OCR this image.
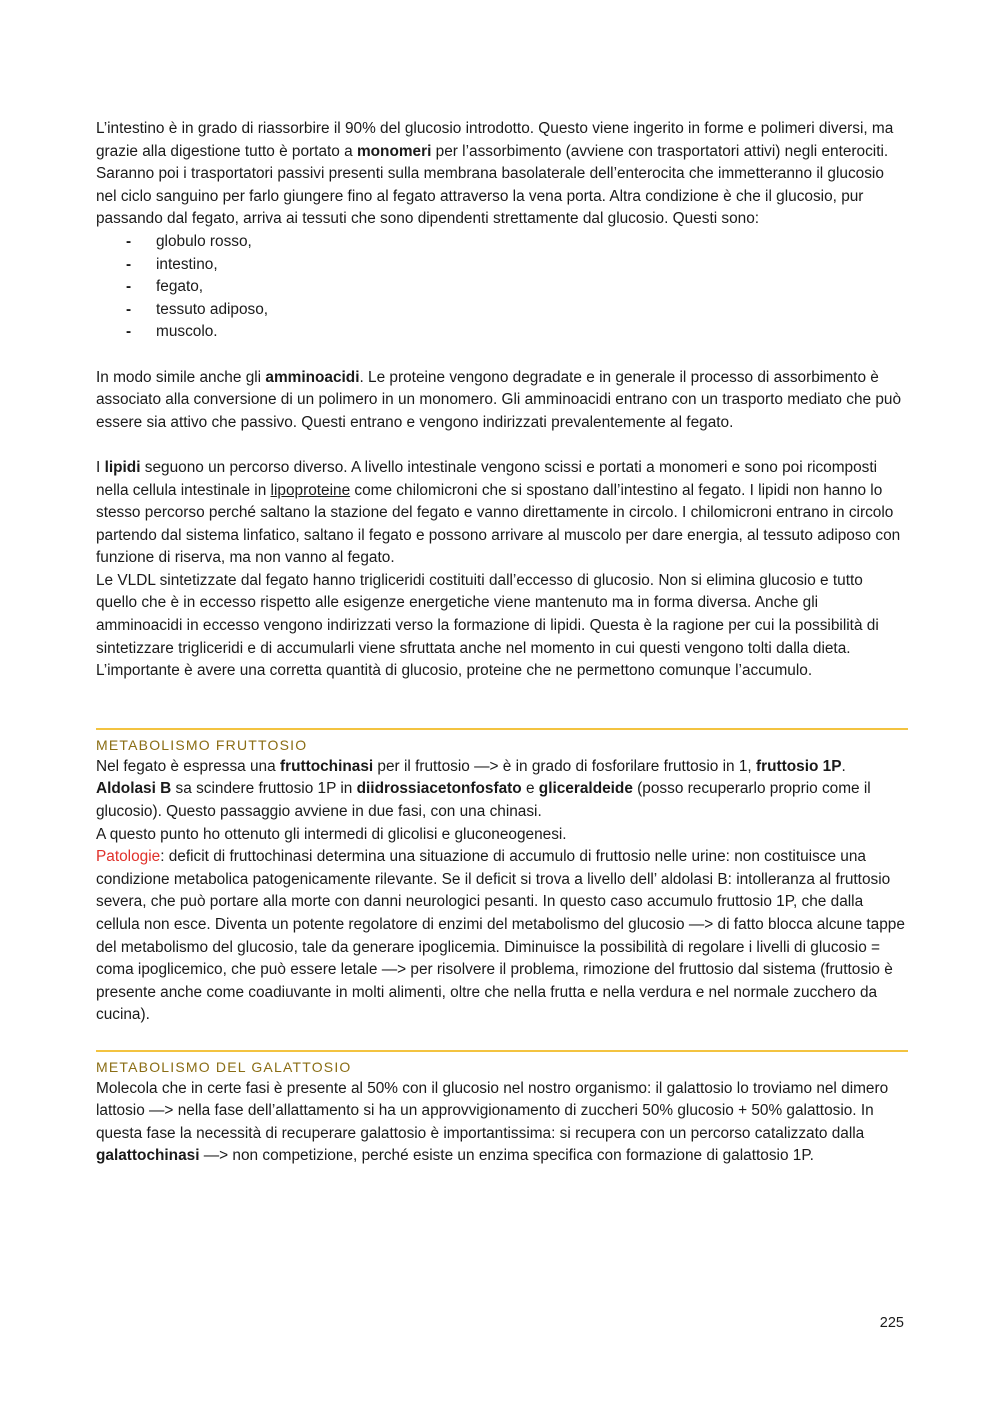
L’intestino è in grado di riassorbire il 90% del glucosio introdotto. Questo viene ingerito in forme e polimeri diversi, ma grazie alla digestione tutto è portato a monomeri per l’assorbimento (avviene con trasportatori attivi) negli enterociti. Saranno poi i trasportatori passivi presenti sulla membrana basolaterale dell’enterocita che immetteranno il glucosio nel ciclo sanguino per farlo giungere fino al fegato attraverso la vena porta. Altra condizione è che il glucosio, pur passando dal fegato, arriva ai tessuti che sono dipendenti strettamente dal glucosio. Questi sono:

- globulo rosso,
- intestino,
- fegato,
- tessuto adiposo,
- muscolo.

In modo simile anche gli amminoacidi. Le proteine vengono degradate e in generale il processo di assorbimento è associato alla conversione di un polimero in un monomero. Gli amminoacidi entrano con un trasporto mediato che può essere sia attivo che passivo. Questi entrano e vengono indirizzati prevalentemente al fegato.

I lipidi seguono un percorso diverso. A livello intestinale vengono scissi e portati a monomeri e sono poi ricomposti nella cellula intestinale in lipoproteine come chilomicroni che si spostano dall’intestino al fegato. I lipidi non hanno lo stesso percorso perché saltano la stazione del fegato e vanno direttamente in circolo. I chilomicroni entrano in circolo partendo dal sistema linfatico, saltano il fegato e possono arrivare al muscolo per dare energia, al tessuto adiposo con funzione di riserva, ma non vanno al fegato.

Le VLDL sintetizzate dal fegato hanno trigliceridi costituiti dall’eccesso di glucosio. Non si elimina glucosio e tutto quello che è in eccesso rispetto alle esigenze energetiche viene mantenuto ma in forma diversa. Anche gli amminoacidi in eccesso vengono indirizzati verso la formazione di lipidi. Questa è la ragione per cui la possibilità di sintetizzare trigliceridi e di accumularli viene sfruttata anche nel momento in cui questi vengono tolti dalla dieta. L’importante è avere una corretta quantità di glucosio, proteine che ne permettono comunque l’accumulo.

METABOLISMO FRUTTOSIO

Nel fegato è espressa una fruttochinasi per il fruttosio —> è in grado di fosforilare fruttosio in 1, fruttosio 1P.

Aldolasi B sa scindere fruttosio 1P in diidrossiacetonfosfato e gliceraldeide (posso recuperarlo proprio come il glucosio). Questo passaggio avviene in due fasi, con una chinasi.

A questo punto ho ottenuto gli intermedi di glicolisi e gluconeogenesi.

Patologie: deficit di fruttochinasi determina una situazione di accumulo di fruttosio nelle urine: non costituisce una condizione metabolica patogenicamente rilevante. Se il deficit si trova a livello dell’ aldolasi B: intolleranza al fruttosio severa, che può portare alla morte con danni neurologici pesanti. In questo caso accumulo fruttosio 1P, che dalla cellula non esce. Diventa un potente regolatore di enzimi del metabolismo del glucosio —> di fatto blocca alcune tappe del metabolismo del glucosio, tale da generare ipoglicemia. Diminuisce la possibilità di regolare i livelli di glucosio = coma ipoglicemico, che può essere letale —> per risolvere il problema, rimozione del fruttosio dal sistema (fruttosio è presente anche come coadiuvante in molti alimenti, oltre che nella frutta e nella verdura e nel normale zucchero da cucina).

METABOLISMO DEL GALATTOSIO

Molecola che in certe fasi è presente al 50% con il glucosio nel nostro organismo: il galattosio lo troviamo nel dimero lattosio —> nella fase dell’allattamento si ha un approvvigionamento di zuccheri 50% glucosio + 50% galattosio. In questa fase la necessità di recuperare galattosio è importantissima: si recupera con un percorso catalizzato dalla galattochinasi —> non competizione, perché esiste un enzima specifica con formazione di galattosio 1P.

225
